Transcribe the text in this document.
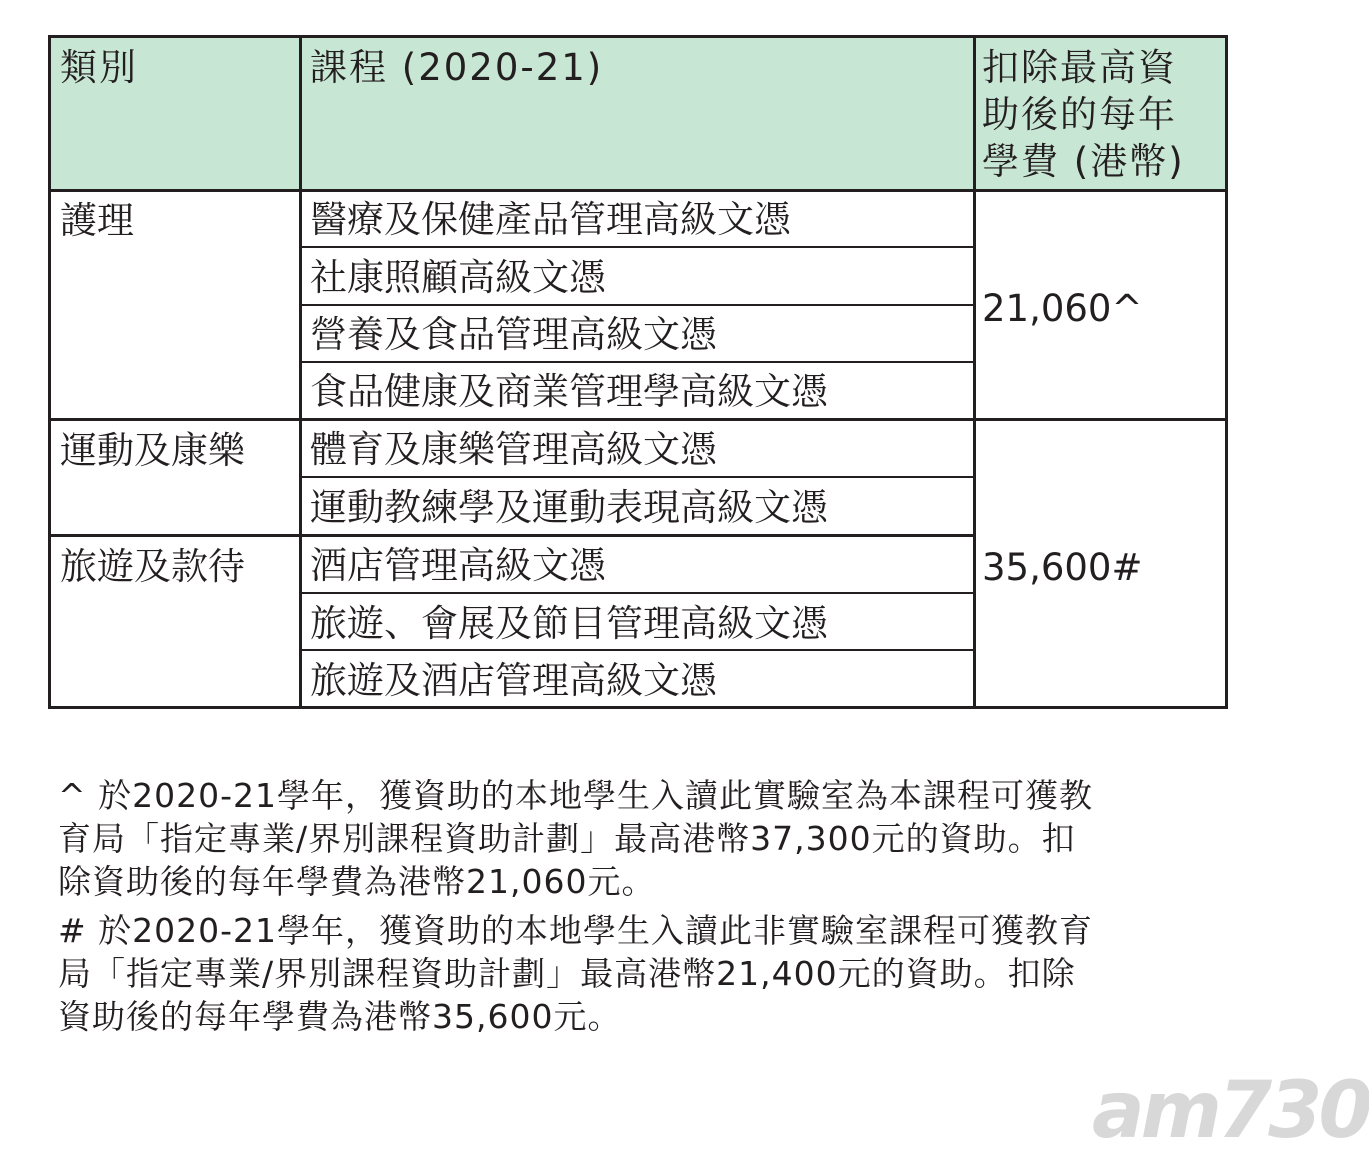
類別	課程 (2020-21)	扣除最高資
助後的每年
學費 (港幣)
護理
運動及康樂
旅遊及款待
醫療及保健產品管理高級文憑
社康照顧高級文憑
營養及食品管理高級文憑
食品健康及商業管理學高級文憑
體育及康樂管理高級文憑
運動教練學及運動表現高級文憑
酒店管理高級文憑
旅遊、會展及節目管理高級文憑
旅遊及酒店管理高級文憑
21,060^
35,600#
^ 於2020-21學年，獲資助的本地學生入讀此實驗室為本課程可獲教
育局「指定專業/界別課程資助計劃」最高港幣37,300元的資助。扣
除資助後的每年學費為港幣21,060元。
# 於2020-21學年，獲資助的本地學生入讀此非實驗室課程可獲教育
局「指定專業/界別課程資助計劃」最高港幣21,400元的資助。扣除
資助後的每年學費為港幣35,600元。
am730
